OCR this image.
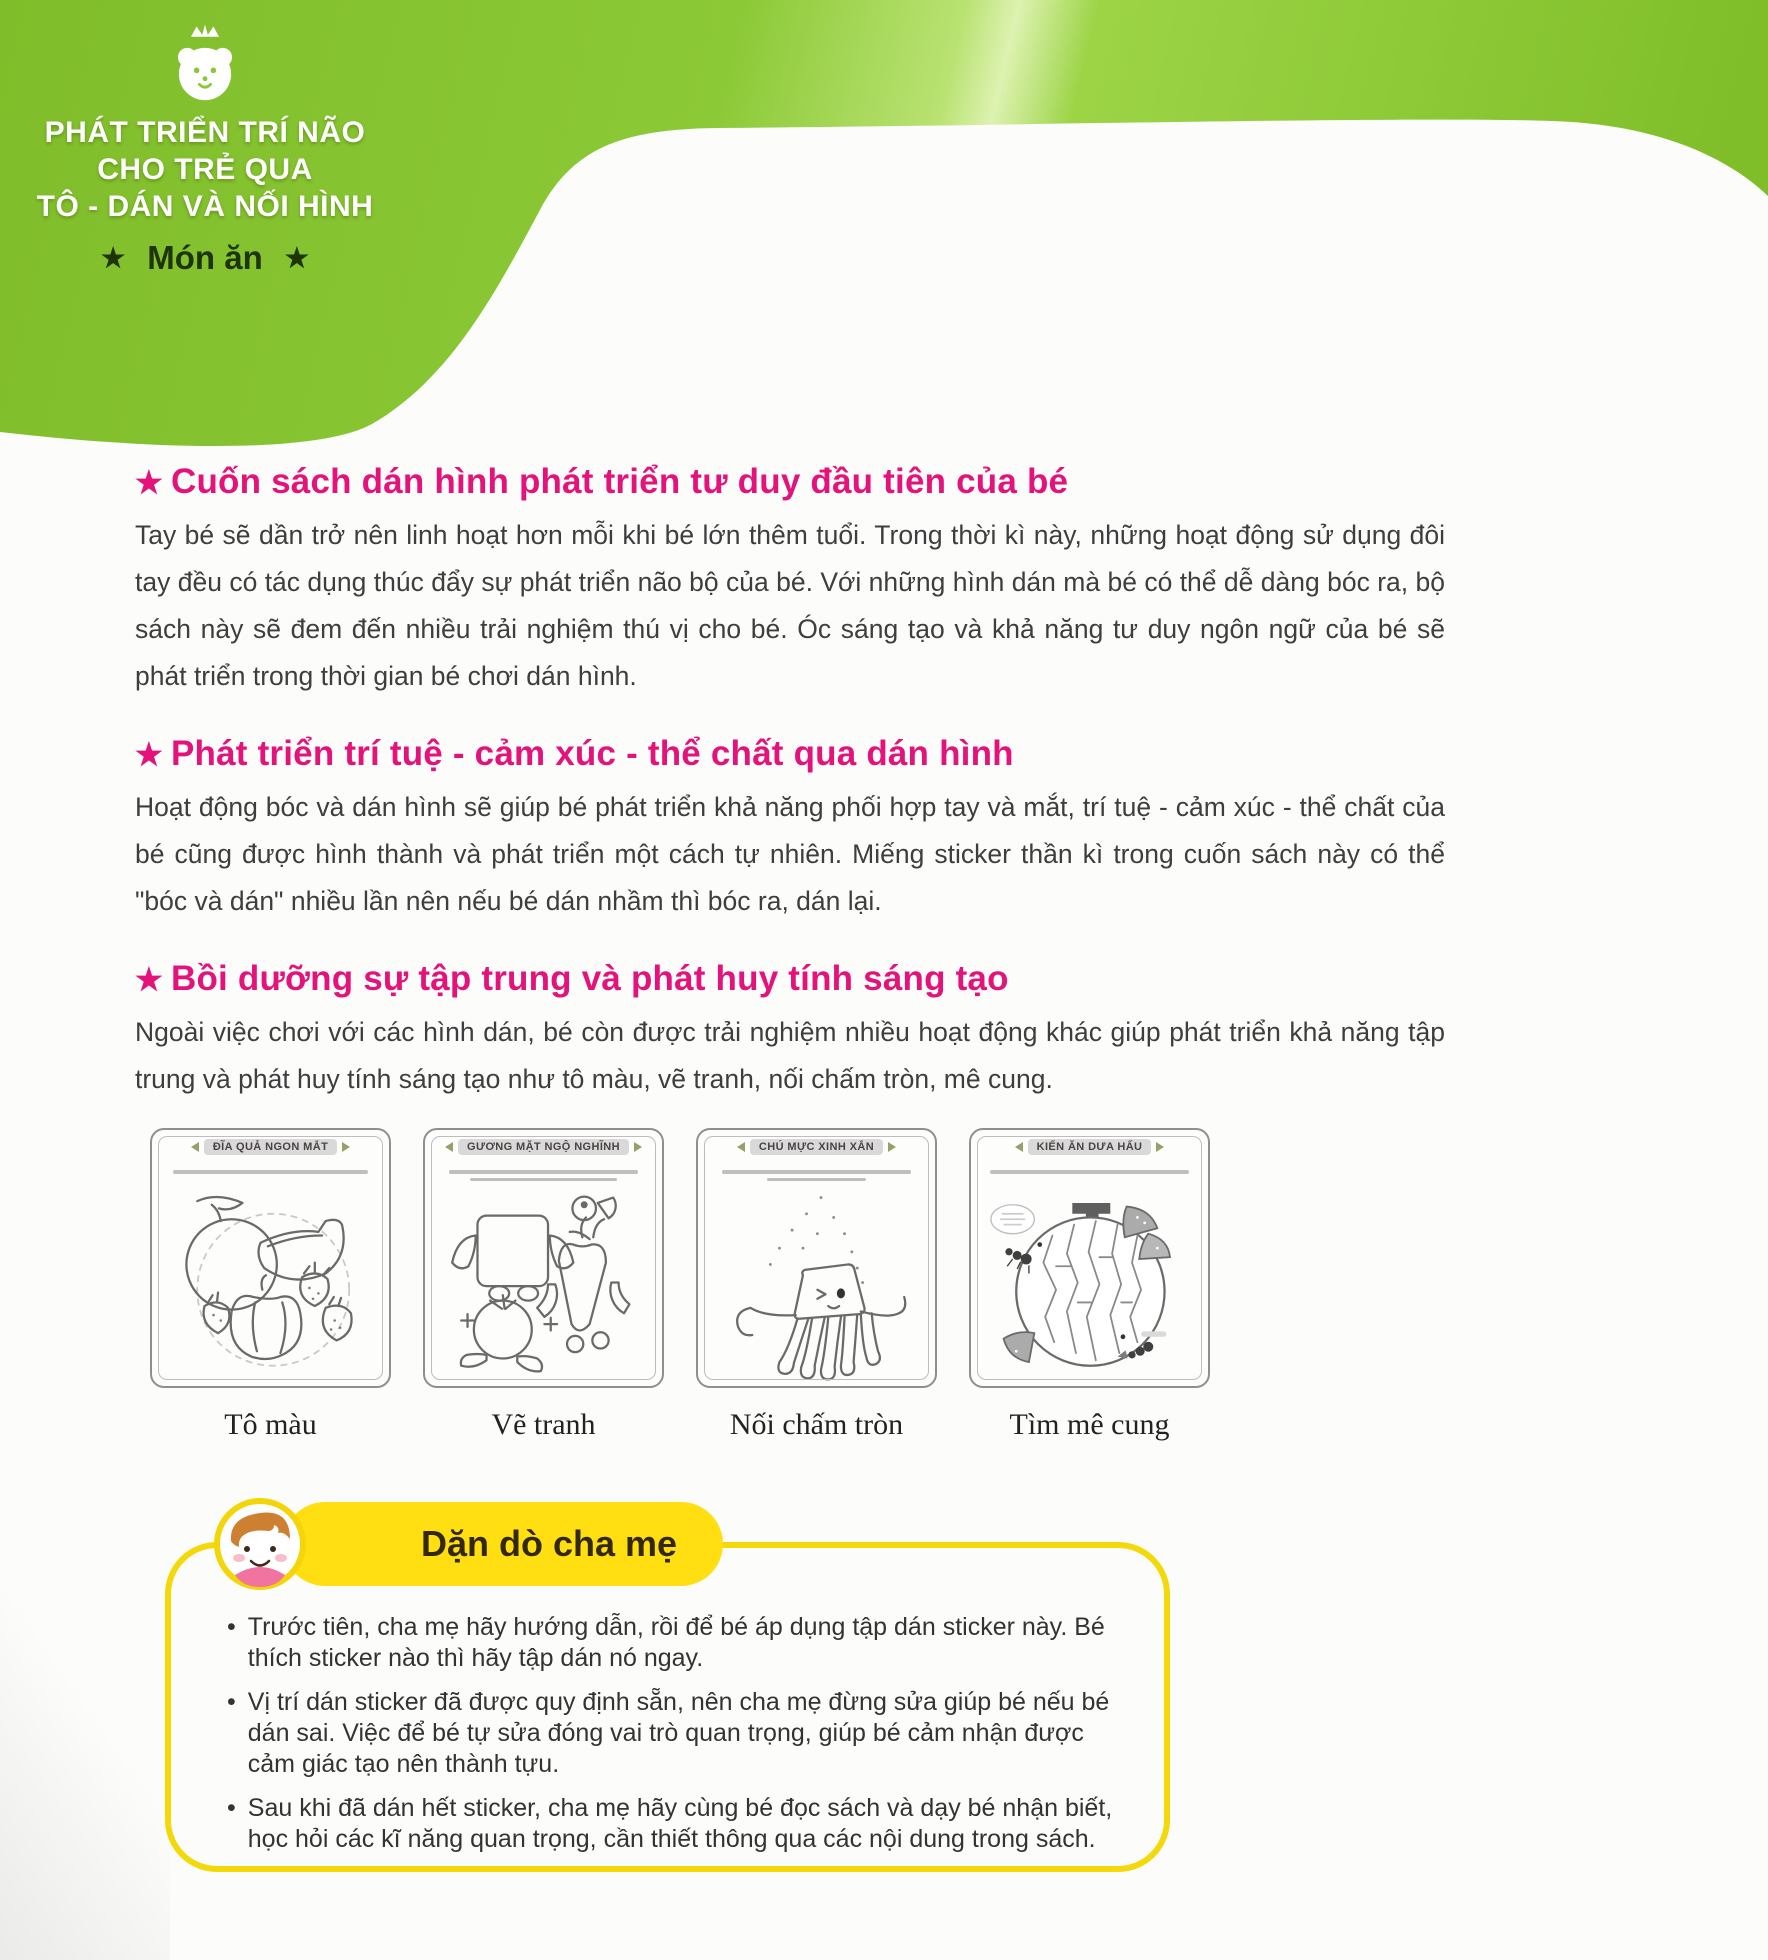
PHÁT TRIỂN TRÍ NÃO
CHO TRẺ QUA
TÔ - DÁN VÀ NỐI HÌNH
★ Món ăn ★
★ Cuốn sách dán hình phát triển tư duy đầu tiên của bé

Tay bé sẽ dần trở nên linh hoạt hơn mỗi khi bé lớn thêm tuổi. Trong thời kì này, những hoạt động sử dụng đôi tay đều có tác dụng thúc đẩy sự phát triển não bộ của bé. Với những hình dán mà bé có thể dễ dàng bóc ra, bộ sách này sẽ đem đến nhiều trải nghiệm thú vị cho bé. Óc sáng tạo và khả năng tư duy ngôn ngữ của bé sẽ phát triển trong thời gian bé chơi dán hình.

★ Phát triển trí tuệ - cảm xúc - thể chất qua dán hình

Hoạt động bóc và dán hình sẽ giúp bé phát triển khả năng phối hợp tay và mắt, trí tuệ - cảm xúc - thể chất của bé cũng được hình thành và phát triển một cách tự nhiên. Miếng sticker thần kì trong cuốn sách này có thể "bóc và dán" nhiều lần nên nếu bé dán nhầm thì bóc ra, dán lại.

★ Bồi dưỡng sự tập trung và phát huy tính sáng tạo

Ngoài việc chơi với các hình dán, bé còn được trải nghiệm nhiều hoạt động khác giúp phát triển khả năng tập trung và phát huy tính sáng tạo như tô màu, vẽ tranh, nối chấm tròn, mê cung.

ĐĨA QUẢ NGON MẮT	GƯƠNG MẶT NGỘ NGHĨNH	CHÚ MỰC XINH XẮN	KIẾN ĂN DƯA HẤU
Tô màu	Vẽ tranh	Nối chấm tròn	Tìm mê cung
Dặn dò cha mẹ
• Trước tiên, cha mẹ hãy hướng dẫn, rồi để bé áp dụng tập dán sticker này. Bé thích sticker nào thì hãy tập dán nó ngay.
• Vị trí dán sticker đã được quy định sẵn, nên cha mẹ đừng sửa giúp bé nếu bé dán sai. Việc để bé tự sửa đóng vai trò quan trọng, giúp bé cảm nhận được cảm giác tạo nên thành tựu.
• Sau khi đã dán hết sticker, cha mẹ hãy cùng bé đọc sách và dạy bé nhận biết, học hỏi các kĩ năng quan trọng, cần thiết thông qua các nội dung trong sách.
